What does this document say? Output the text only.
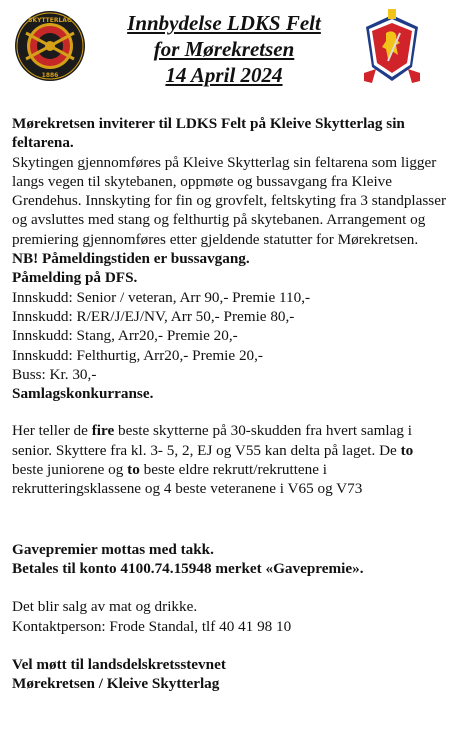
SKYTTERLAG
1886
Innbydelse LDKS Felt
for Mørekretsen
14 April 2024

Mørekretsen inviterer til LDKS Felt på Kleive Skytterlag sin feltarena.

Skytingen gjennomføres på Kleive Skytterlag sin feltarena som ligger langs vegen til skytebanen, oppmøte og bussavgang fra Kleive Grendehus. Innskyting for fin og grovfelt, feltskyting fra 3 standplasser og avsluttes med stang og felthurtig på skytebanen. Arrangement og premiering gjennomføres etter gjeldende statutter for Mørekretsen.

NB! Påmeldingstiden er bussavgang.

Påmelding på DFS.

Innskudd: Senior / veteran, Arr 90,- Premie 110,-

Innskudd: R/ER/J/EJ/NV, Arr 50,- Premie 80,-

Innskudd: Stang, Arr20,- Premie 20,-

Innskudd: Felthurtig, Arr20,- Premie 20,-

Buss: Kr. 30,-

Samlagskonkurranse.

Her teller de fire beste skytterne på 30-skudden fra hvert samlag i senior. Skyttere fra kl. 3- 5, 2, EJ og V55 kan delta på laget. De to beste juniorene og to beste eldre rekrutt/rekruttene i rekrutteringsklassene og 4 beste veteranene i V65 og V73

Gavepremier mottas med takk.

Betales til konto 4100.74.15948 merket «Gavepremie».

Det blir salg av mat og drikke.

Kontaktperson: Frode Standal, tlf 40 41 98 10

Vel møtt til landsdelskretsstevnet

Mørekretsen / Kleive Skytterlag
